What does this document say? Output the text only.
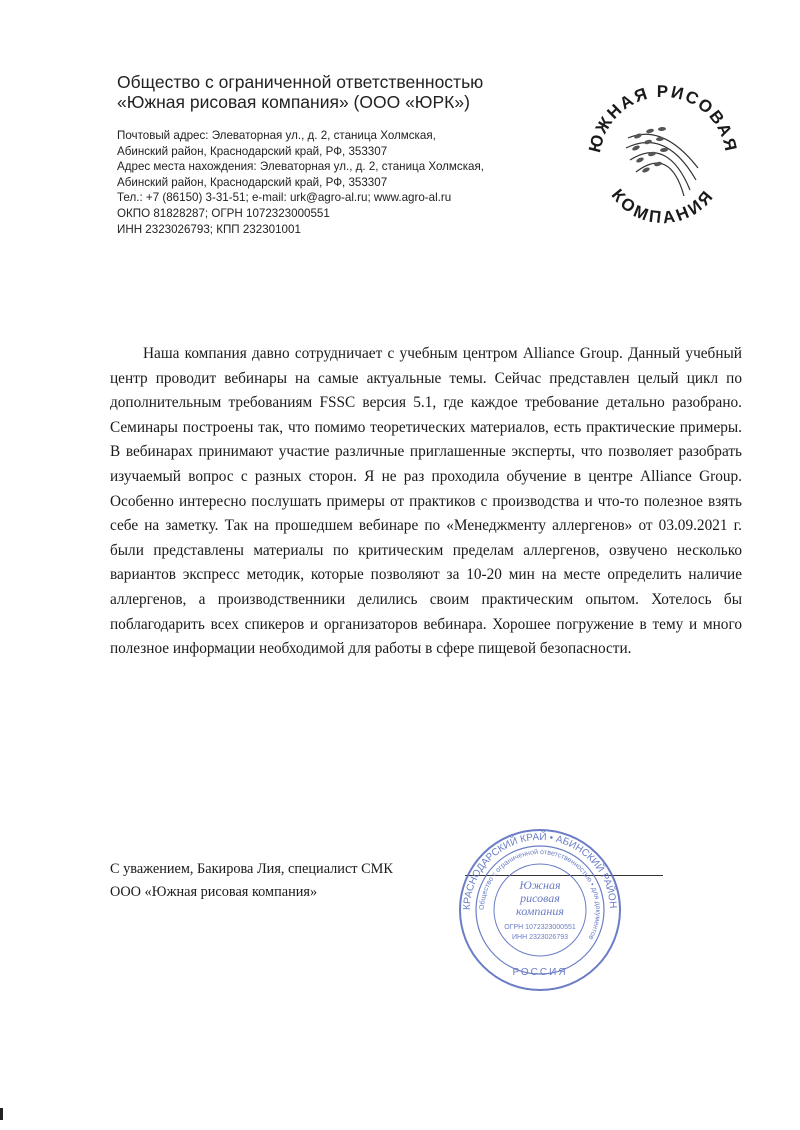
Общество с ограниченной ответственностью
«Южная рисовая компания» (ООО «ЮРК»)
Почтовый адрес: Элеваторная ул., д. 2, станица Холмская,
Абинский район, Краснодарский край, РФ, 353307
Адрес места нахождения: Элеваторная ул., д. 2, станица Холмская,
Абинский район, Краснодарский край, РФ, 353307
Тел.: +7 (86150) 3-31-51; e-mail: urk@agro-al.ru; www.agro-al.ru
ОКПО 81828287; ОГРН 1072323000551
ИНН 2323026793; КПП 232301001
ЮЖНАЯ РИСОВАЯ
КОМПАНИЯ

Наша компания давно сотрудничает с учебным центром Alliance Group. Данный учебный центр проводит вебинары на самые актуальные темы. Сейчас представлен целый цикл по дополнительным требованиям FSSC версия 5.1, где каждое требование детально разобрано. Семинары построены так, что помимо теоретических материалов, есть практические примеры. В вебинарах принимают участие различные приглашенные эксперты, что позволяет разобрать изучаемый вопрос с разных сторон. Я не раз проходила обучение в центре Alliance Group. Особенно интересно послушать примеры от практиков с производства и что-то полезное взять себе на заметку. Так на прошедшем вебинаре по «Менеджменту аллергенов» от 03.09.2021 г. были представлены материалы по критическим пределам аллергенов, озвучено несколько вариантов экспресс методик, которые позволяют за 10-20 мин на месте определить наличие аллергенов, а производственники делились своим практическим опытом. Хотелось бы поблагодарить всех спикеров и организаторов вебинара. Хорошее погружение в тему и много полезное информации необходимой для работы в сфере пищевой безопасности.

С уважением, Бакирова Лия, специалист СМК
ООО «Южная рисовая компания»
КРАСНОДАРСКИЙ КРАЙ • АБИНСКИЙ РАЙОН
Общество с ограниченной ответственностью • для документов
Южная
рисовая
компания
ОГРН 1072323000551
ИНН 2323026793
РОССИЯ
